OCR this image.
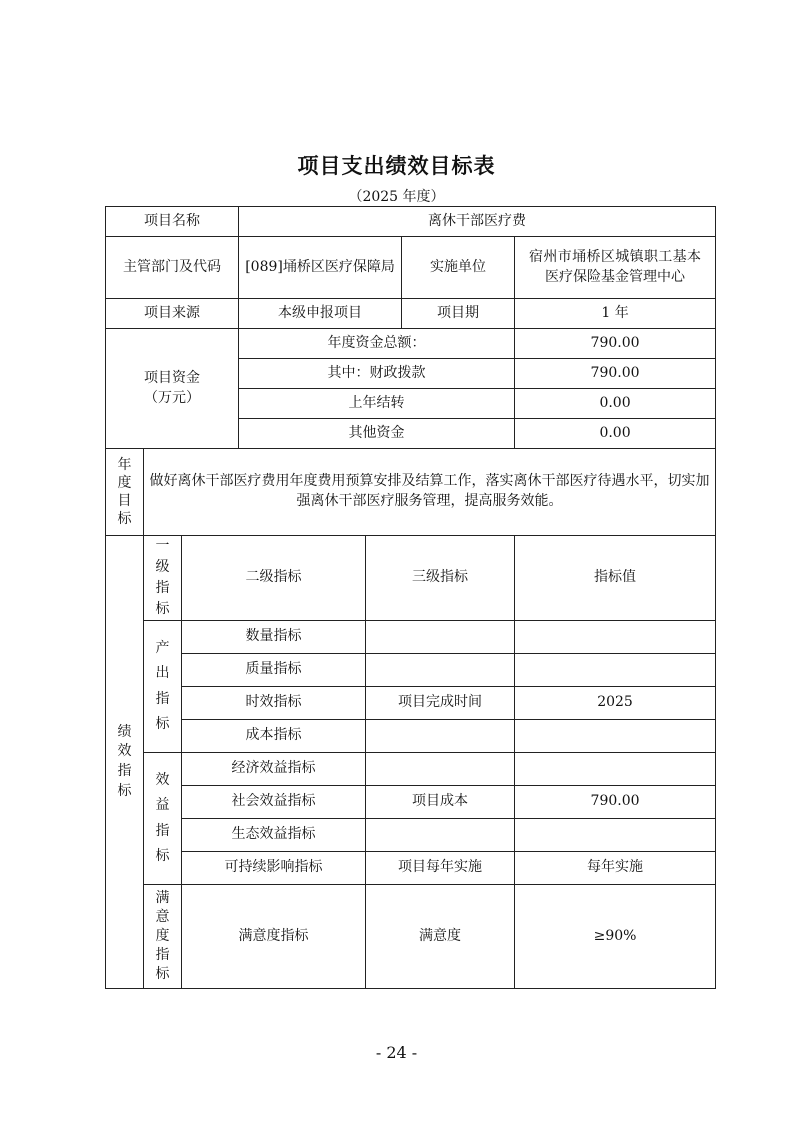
项目支出绩效目标表
（2025 年度）
项目名称			离休干部医疗费			
主管部门及代码			[089]埇桥区医疗保障局		实施单位	宿州市埇桥区城镇职工基本医疗保险基金管理中心
项目来源			本级申报项目		项目期	1 年

项目资金
（万元）			年度资金总额：			790.00
			其中：财政拨款			790.00
			上年结转			0.00
			其他资金			0.00
年度目标	做好离休干部医疗费用年度费用预算安排及结算工作，落实离休干部医疗待遇水平，切实加强离休干部医疗服务管理，提高服务效能。					
绩效指标	一级指标	二级指标		三级指标		指标值
	产出指标	数量指标				
		质量指标				
		时效指标		项目完成时间		2025
		成本指标				
	效益指标	经济效益指标				
		社会效益指标		项目成本		790.00
		生态效益指标				
		可持续影响指标		项目每年实施		每年实施
	满意度指标	满意度指标		满意度		≥90%
- 24 -
